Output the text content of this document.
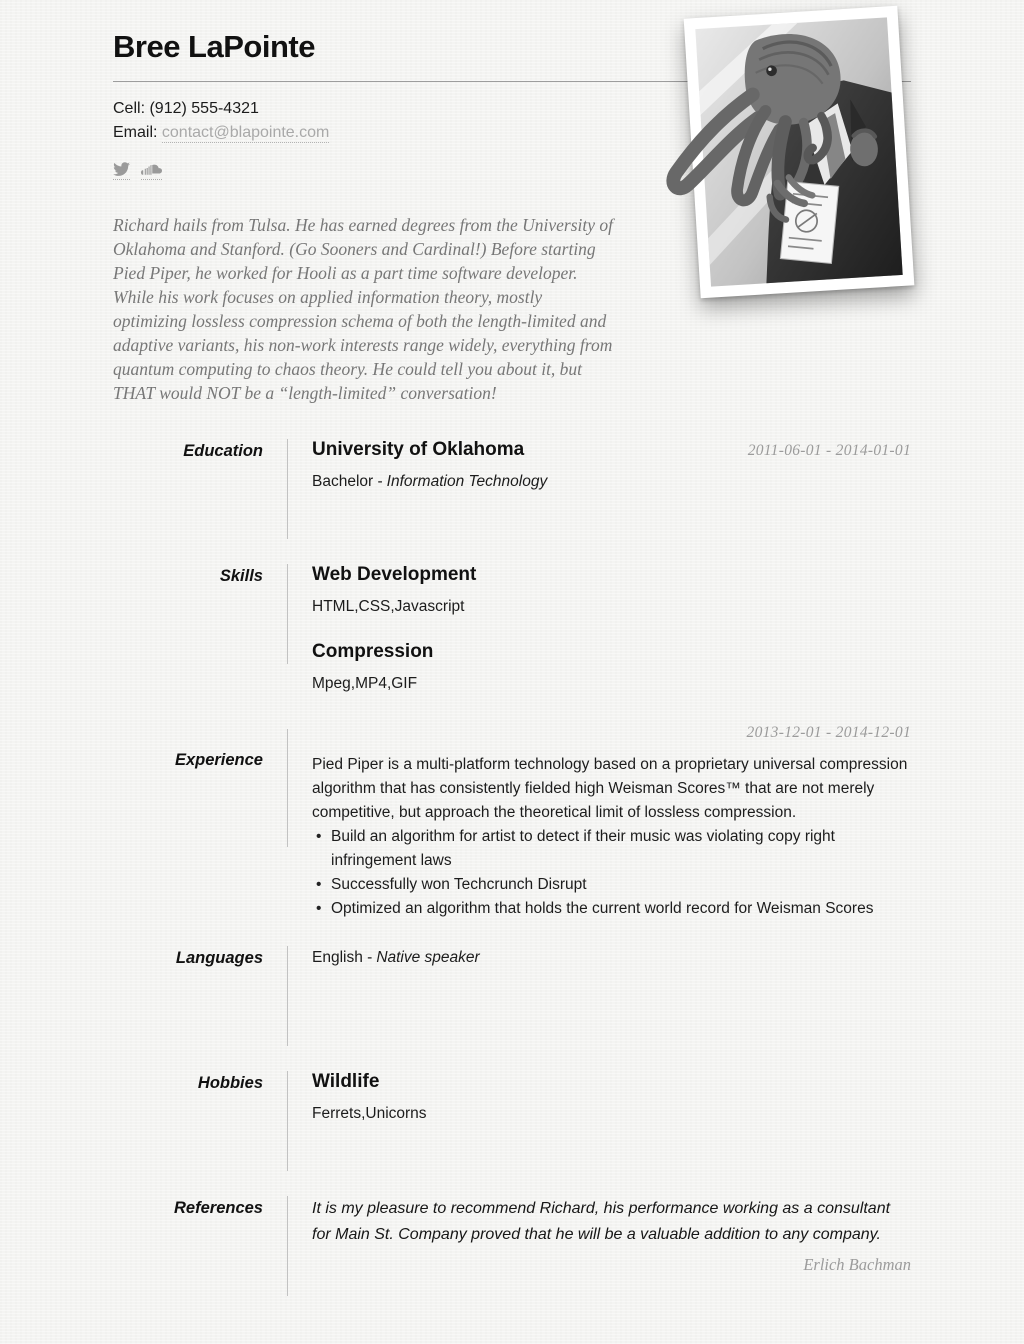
Bree LaPointe

Cell: (912) 555-4321

Email: contact@blapointe.com

Richard hails from Tulsa. He has earned degrees from the University of Oklahoma and Stanford. (Go Sooners and Cardinal!) Before starting Pied Piper, he worked for Hooli as a part time software developer. While his work focuses on applied information theory, mostly optimizing lossless compression schema of both the length-limited and adaptive variants, his non-work interests range widely, everything from quantum computing to chaos theory. He could tell you about it, but THAT would NOT be a “length-limited” conversation!

Education	2011-06-01 - 2014-01-01
University of Oklahoma
Bachelor - Information Technology
Skills	Web Development
HTML,CSS,Javascript
Compression
Mpeg,MP4,GIF
Experience
2013-12-01 - 2014-12-01

Pied Piper is a multi-platform technology based on a proprietary universal compression algorithm that has consistently fielded high Weisman Scores™ that are not merely competitive, but approach the theoretical limit of lossless compression.

• Build an algorithm for artist to detect if their music was violating copy right infringement laws
• Successfully won Techcrunch Disrupt
• Optimized an algorithm that holds the current world record for Weisman Scores
Languages	English - Native speaker
Hobbies	Wildlife
Ferrets,Unicorns
References	It is my pleasure to recommend Richard, his performance working as a consultant for Main St. Company proved that he will be a valuable addition to any company.

Erlich Bachman
